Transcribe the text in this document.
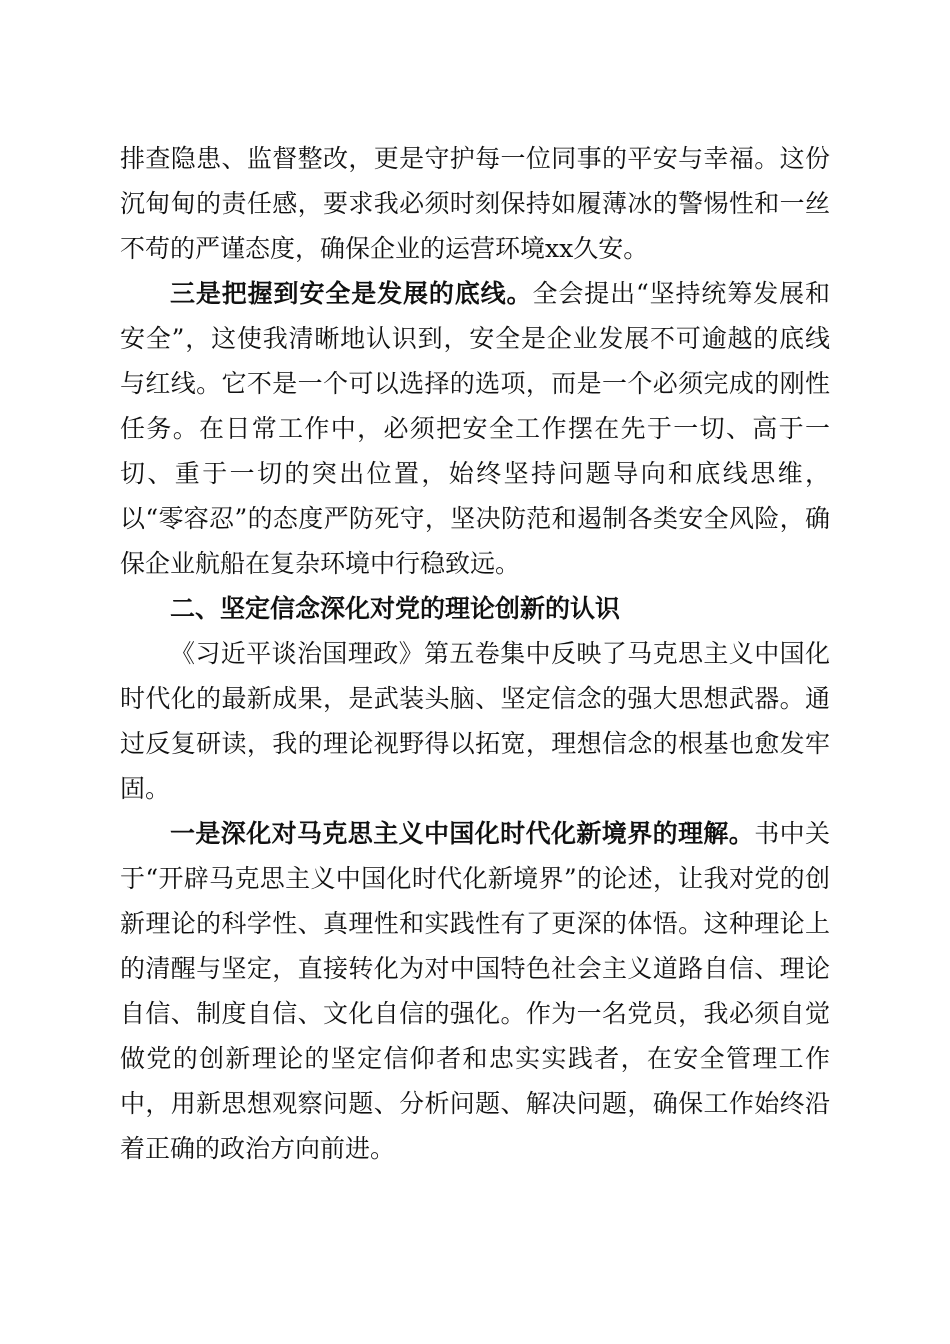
排查隐患、监督整改，更是守护每一位同事的平安与幸福。这份沉甸甸的责任感，要求我必须时刻保持如履薄冰的警惕性和一丝不苟的严谨态度，确保企业的运营环境xx久安。

三是把握到安全是发展的底线。全会提出“坚持统筹发展和安全”，这使我清晰地认识到，安全是企业发展不可逾越的底线与红线。它不是一个可以选择的选项，而是一个必须完成的刚性任务。在日常工作中，必须把安全工作摆在先于一切、高于一切、重于一切的突出位置，始终坚持问题导向和底线思维，以“零容忍”的态度严防死守，坚决防范和遏制各类安全风险，确保企业航船在复杂环境中行稳致远。

二、坚定信念深化对党的理论创新的认识

《习近平谈治国理政》第五卷集中反映了马克思主义中国化时代化的最新成果，是武装头脑、坚定信念的强大思想武器。通过反复研读，我的理论视野得以拓宽，理想信念的根基也愈发牢固。

一是深化对马克思主义中国化时代化新境界的理解。书中关于“开辟马克思主义中国化时代化新境界”的论述，让我对党的创新理论的科学性、真理性和实践性有了更深的体悟。这种理论上的清醒与坚定，直接转化为对中国特色社会主义道路自信、理论自信、制度自信、文化自信的强化。作为一名党员，我必须自觉做党的创新理论的坚定信仰者和忠实实践者，在安全管理工作中，用新思想观察问题、分析问题、解决问题，确保工作始终沿着正确的政治方向前进。
